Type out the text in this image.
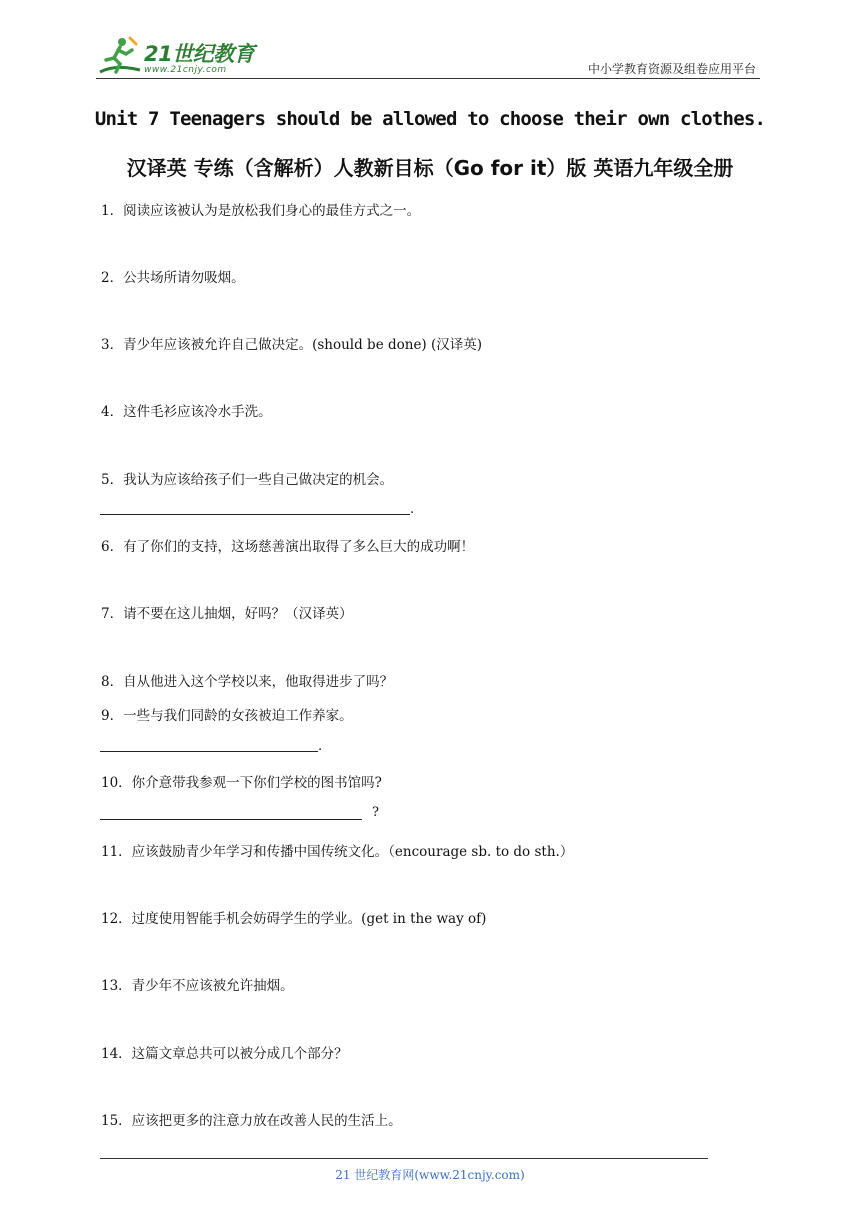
21世纪教育
www.21cnjy.com	中小学教育资源及组卷应用平台
Unit 7 Teenagers should be allowed to choose their own clothes.
汉译英 专练（含解析）人教新目标（Go for it）版 英语九年级全册
1．阅读应该被认为是放松我们身心的最佳方式之一。
2．公共场所请勿吸烟。
3．青少年应该被允许自己做决定。(should be done) (汉译英)
4．这件毛衫应该冷水手洗。
5．我认为应该给孩子们一些自己做决定的机会。
.
6．有了你们的支持，这场慈善演出取得了多么巨大的成功啊！
7．请不要在这儿抽烟，好吗？（汉译英）
8．自从他进入这个学校以来，他取得进步了吗？
9．一些与我们同龄的女孩被迫工作养家。
.
10．你介意带我参观一下你们学校的图书馆吗?
?
11．应该鼓励青少年学习和传播中国传统文化。（encourage sb. to do sth.）
12．过度使用智能手机会妨碍学生的学业。(get in the way of)
13．青少年不应该被允许抽烟。
14．这篇文章总共可以被分成几个部分？
15．应该把更多的注意力放在改善人民的生活上。
21 世纪教育网(www.21cnjy.com)
